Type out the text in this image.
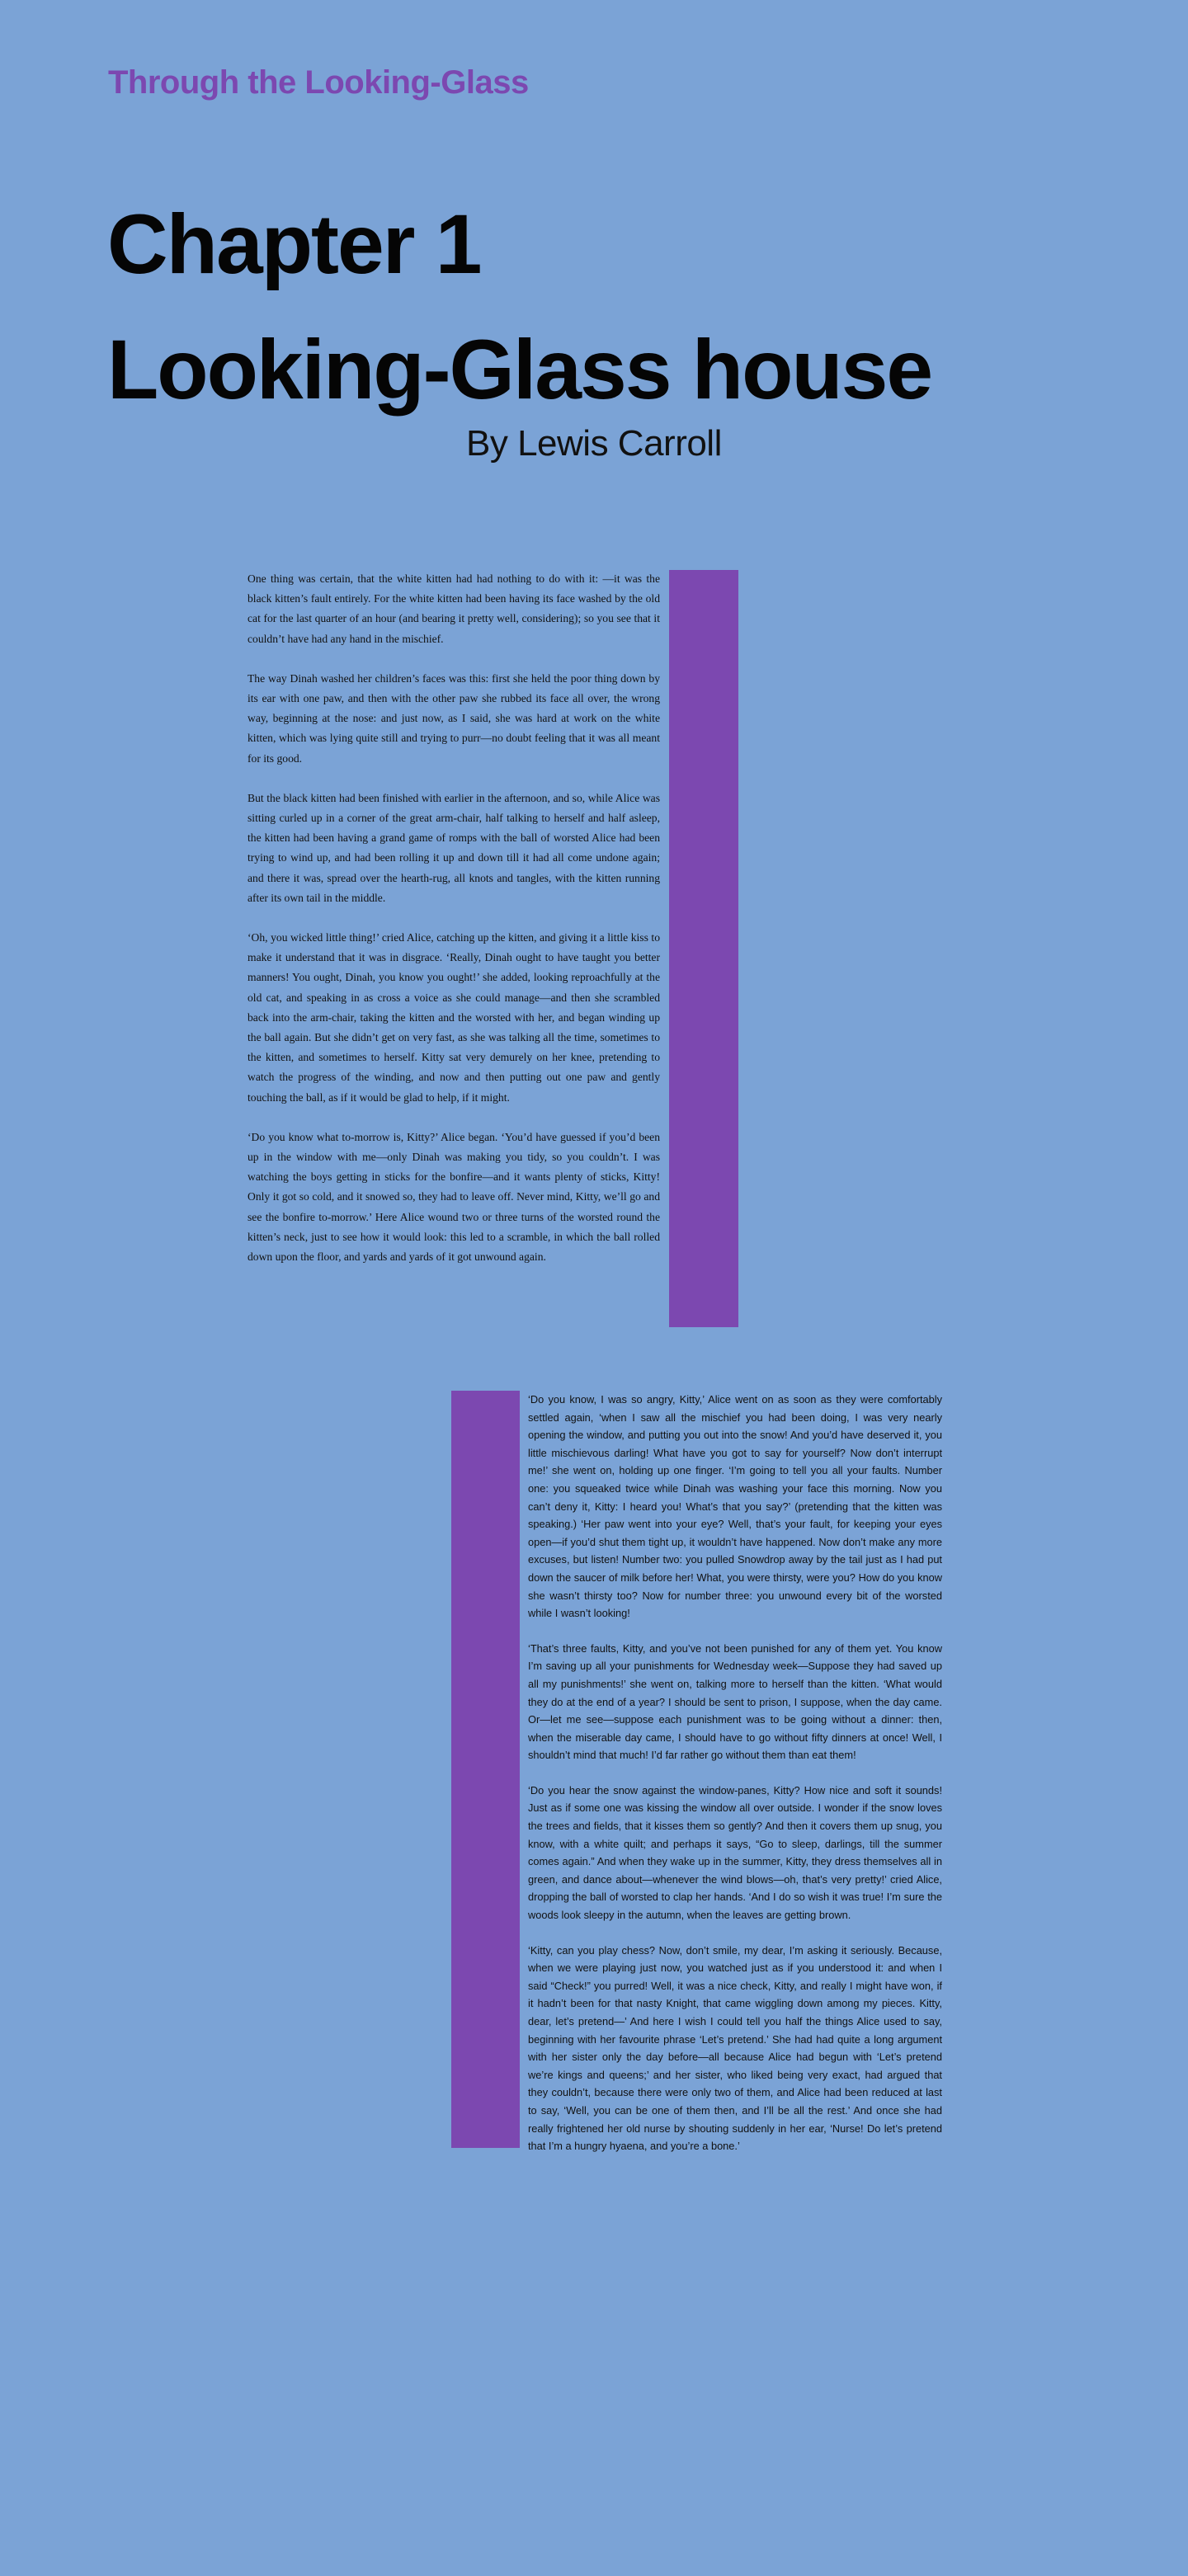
Through the Looking-Glass
Chapter 1
Looking-Glass house
By Lewis Carroll

One thing was certain, that the white kitten had had nothing to do with it: —it was the black kitten’s fault entirely. For the white kitten had been having its face washed by the old cat for the last quarter of an hour (and bearing it pretty well, considering); so you see that it couldn’t have had any hand in the mischief.

The way Dinah washed her children’s faces was this: first she held the poor thing down by its ear with one paw, and then with the other paw she rubbed its face all over, the wrong way, beginning at the nose: and just now, as I said, she was hard at work on the white kitten, which was lying quite still and trying to purr—no doubt feeling that it was all meant for its good.

But the black kitten had been finished with earlier in the afternoon, and so, while Alice was sitting curled up in a corner of the great arm-chair, half talking to herself and half asleep, the kitten had been having a grand game of romps with the ball of worsted Alice had been trying to wind up, and had been rolling it up and down till it had all come undone again; and there it was, spread over the hearth-rug, all knots and tangles, with the kitten running after its own tail in the middle.

‘Oh, you wicked little thing!’ cried Alice, catching up the kitten, and giving it a little kiss to make it understand that it was in disgrace. ‘Really, Dinah ought to have taught you better manners! You ought, Dinah, you know you ought!’ she added, looking reproachfully at the old cat, and speaking in as cross a voice as she could manage—and then she scrambled back into the arm-chair, taking the kitten and the worsted with her, and began winding up the ball again. But she didn’t get on very fast, as she was talking all the time, sometimes to the kitten, and sometimes to herself. Kitty sat very demurely on her knee, pretending to watch the progress of the winding, and now and then putting out one paw and gently touching the ball, as if it would be glad to help, if it might.

‘Do you know what to-morrow is, Kitty?’ Alice began. ‘You’d have guessed if you’d been up in the window with me—only Dinah was making you tidy, so you couldn’t. I was watching the boys getting in sticks for the bonfire—and it wants plenty of sticks, Kitty! Only it got so cold, and it snowed so, they had to leave off. Never mind, Kitty, we’ll go and see the bonfire to-morrow.’ Here Alice wound two or three turns of the worsted round the kitten’s neck, just to see how it would look: this led to a scramble, in which the ball rolled down upon the floor, and yards and yards of it got unwound again.

‘Do you know, I was so angry, Kitty,’ Alice went on as soon as they were comfortably settled again, ‘when I saw all the mischief you had been doing, I was very nearly opening the window, and putting you out into the snow! And you’d have deserved it, you little mischievous darling! What have you got to say for yourself? Now don’t interrupt me!’ she went on, holding up one finger. ‘I’m going to tell you all your faults. Number one: you squeaked twice while Dinah was washing your face this morning. Now you can’t deny it, Kitty: I heard you! What’s that you say?’ (pretending that the kitten was speaking.) ‘Her paw went into your eye? Well, that’s your fault, for keeping your eyes open—if you’d shut them tight up, it wouldn’t have happened. Now don’t make any more excuses, but listen! Number two: you pulled Snowdrop away by the tail just as I had put down the saucer of milk before her! What, you were thirsty, were you? How do you know she wasn’t thirsty too? Now for number three: you unwound every bit of the worsted while I wasn’t looking!

‘That’s three faults, Kitty, and you’ve not been punished for any of them yet. You know I’m saving up all your punishments for Wednesday week—Suppose they had saved up all my punishments!’ she went on, talking more to herself than the kitten. ‘What would they do at the end of a year? I should be sent to prison, I suppose, when the day came. Or—let me see—suppose each punishment was to be going without a dinner: then, when the miserable day came, I should have to go without fifty dinners at once! Well, I shouldn’t mind that much! I’d far rather go without them than eat them!

‘Do you hear the snow against the window-panes, Kitty? How nice and soft it sounds! Just as if some one was kissing the window all over outside. I wonder if the snow loves the trees and fields, that it kisses them so gently? And then it covers them up snug, you know, with a white quilt; and perhaps it says, “Go to sleep, darlings, till the summer comes again.” And when they wake up in the summer, Kitty, they dress themselves all in green, and dance about—whenever the wind blows—oh, that’s very pretty!’ cried Alice, dropping the ball of worsted to clap her hands. ‘And I do so wish it was true! I’m sure the woods look sleepy in the autumn, when the leaves are getting brown.

‘Kitty, can you play chess? Now, don’t smile, my dear, I’m asking it seriously. Because, when we were playing just now, you watched just as if you understood it: and when I said “Check!” you purred! Well, it was a nice check, Kitty, and really I might have won, if it hadn’t been for that nasty Knight, that came wiggling down among my pieces. Kitty, dear, let’s pretend—’ And here I wish I could tell you half the things Alice used to say, beginning with her favourite phrase ‘Let’s pretend.’ She had had quite a long argument with her sister only the day before—all because Alice had begun with ‘Let’s pretend we’re kings and queens;’ and her sister, who liked being very exact, had argued that they couldn’t, because there were only two of them, and Alice had been reduced at last to say, ‘Well, you can be one of them then, and I’ll be all the rest.’ And once she had really frightened her old nurse by shouting suddenly in her ear, ‘Nurse! Do let’s pretend that I’m a hungry hyaena, and you’re a bone.’
